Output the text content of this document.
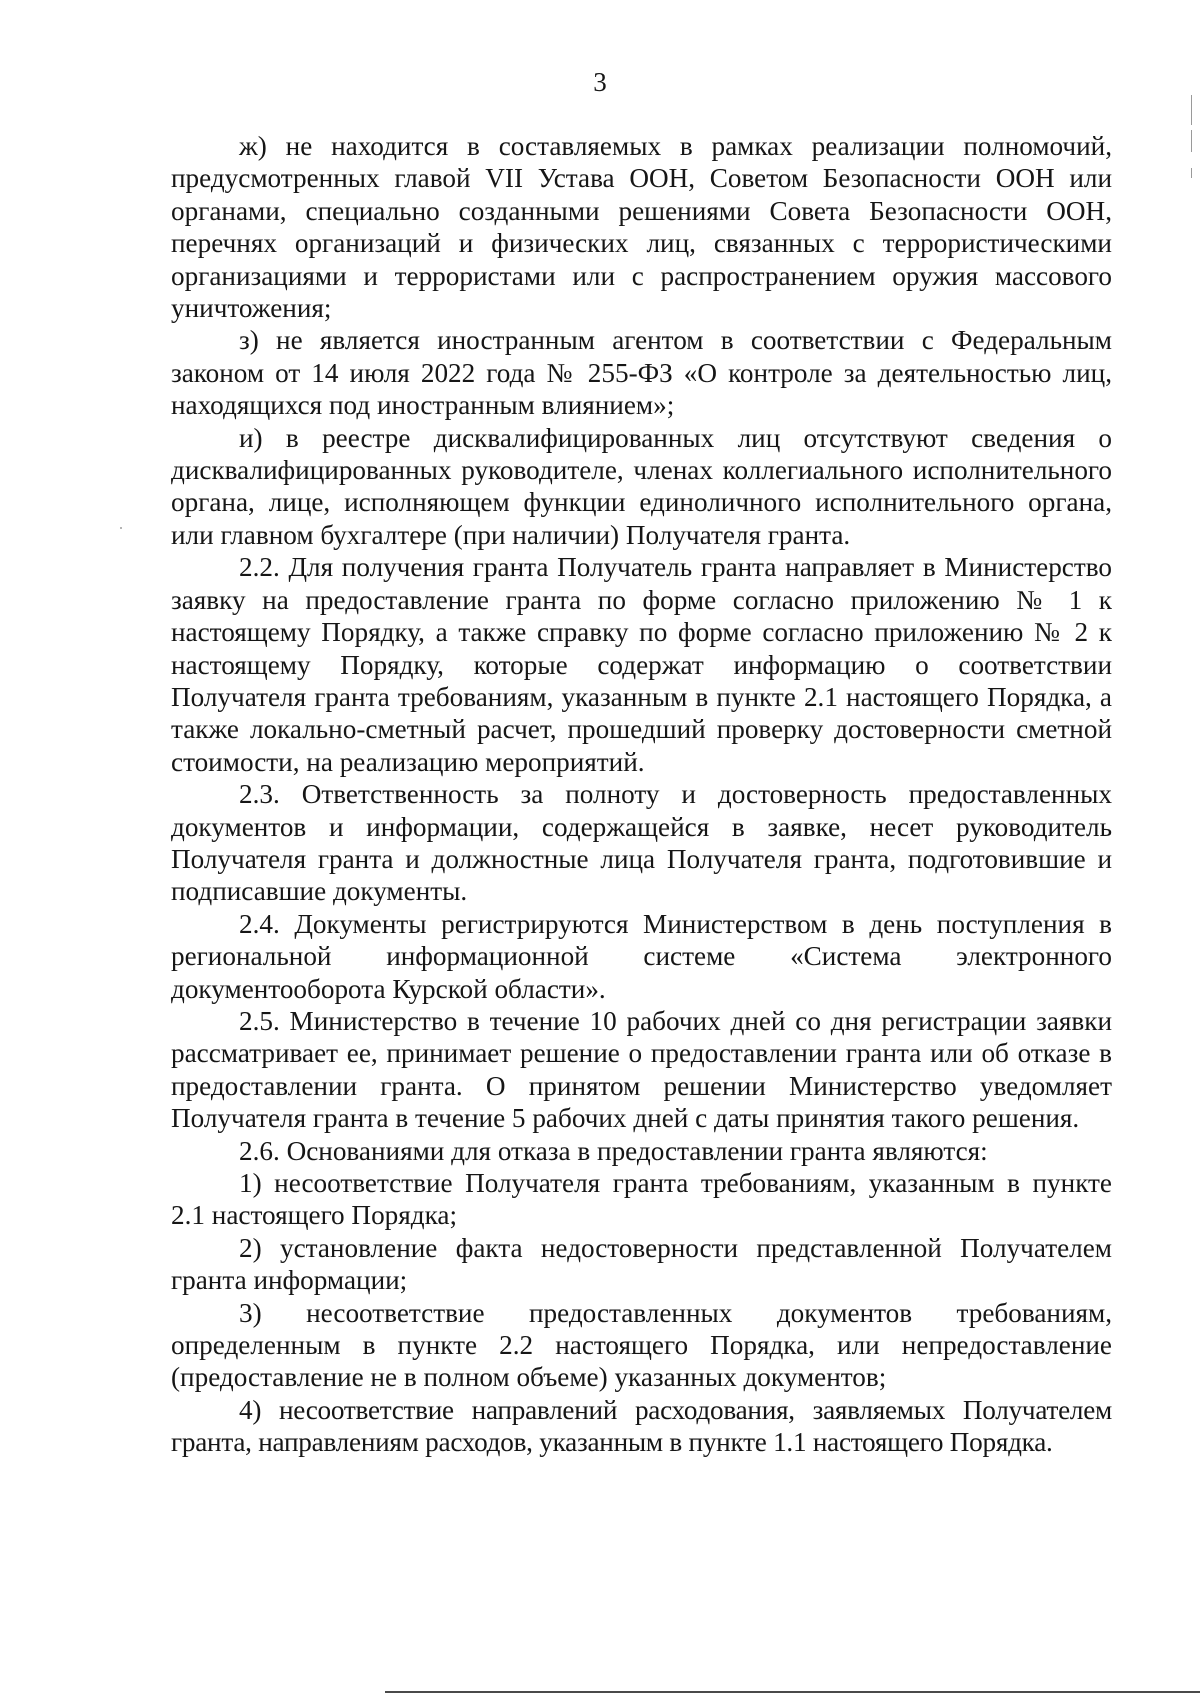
3

ж) не находится в составляемых в рамках реализации полномочий, предусмотренных главой VII Устава ООН, Советом Безопасности ООН или органами, специально созданными решениями Совета Безопасности ООН, перечнях организаций и физических лиц, связанных с террористическими организациями и террористами или с распространением оружия массового уничтожения;

з) не является иностранным агентом в соответствии с Федеральным законом от 14 июля 2022 года № 255-ФЗ «О контроле за деятельностью лиц, находящихся под иностранным влиянием»;

и) в реестре дисквалифицированных лиц отсутствуют сведения о дисквалифицированных руководителе, членах коллегиального исполнительного органа, лице, исполняющем функции единоличного исполнительного органа, или главном бухгалтере (при наличии) Получателя гранта.

2.2. Для получения гранта Получатель гранта направляет в Министерство заявку на предоставление гранта по форме согласно приложению № 1 к настоящему Порядку, а также справку по форме согласно приложению № 2 к настоящему Порядку, которые содержат информацию о соответствии Получателя гранта требованиям, указанным в пункте 2.1 настоящего Порядка, а также локально-сметный расчет, прошедший проверку достоверности сметной стоимости, на реализацию мероприятий.

2.3. Ответственность за полноту и достоверность предоставленных документов и информации, содержащейся в заявке, несет руководитель Получателя гранта и должностные лица Получателя гранта, подготовившие и подписавшие документы.

2.4. Документы регистрируются Министерством в день поступления в региональной информационной системе «Система электронного документооборота Курской области».

2.5. Министерство в течение 10 рабочих дней со дня регистрации заявки рассматривает ее, принимает решение о предоставлении гранта или об отказе в предоставлении гранта. О принятом решении Министерство уведомляет Получателя гранта в течение 5 рабочих дней с даты принятия такого решения.

2.6. Основаниями для отказа в предоставлении гранта являются:

1) несоответствие Получателя гранта требованиям, указанным в пункте 2.1 настоящего Порядка;

2) установление факта недостоверности представленной Получателем гранта информации;

3) несоответствие предоставленных документов требованиям, определенным в пункте 2.2 настоящего Порядка, или непредоставление (предоставление не в полном объеме) указанных документов;

4) несоответствие направлений расходования, заявляемых Получателем гранта, направлениям расходов, указанным в пункте 1.1 настоящего Порядка.
